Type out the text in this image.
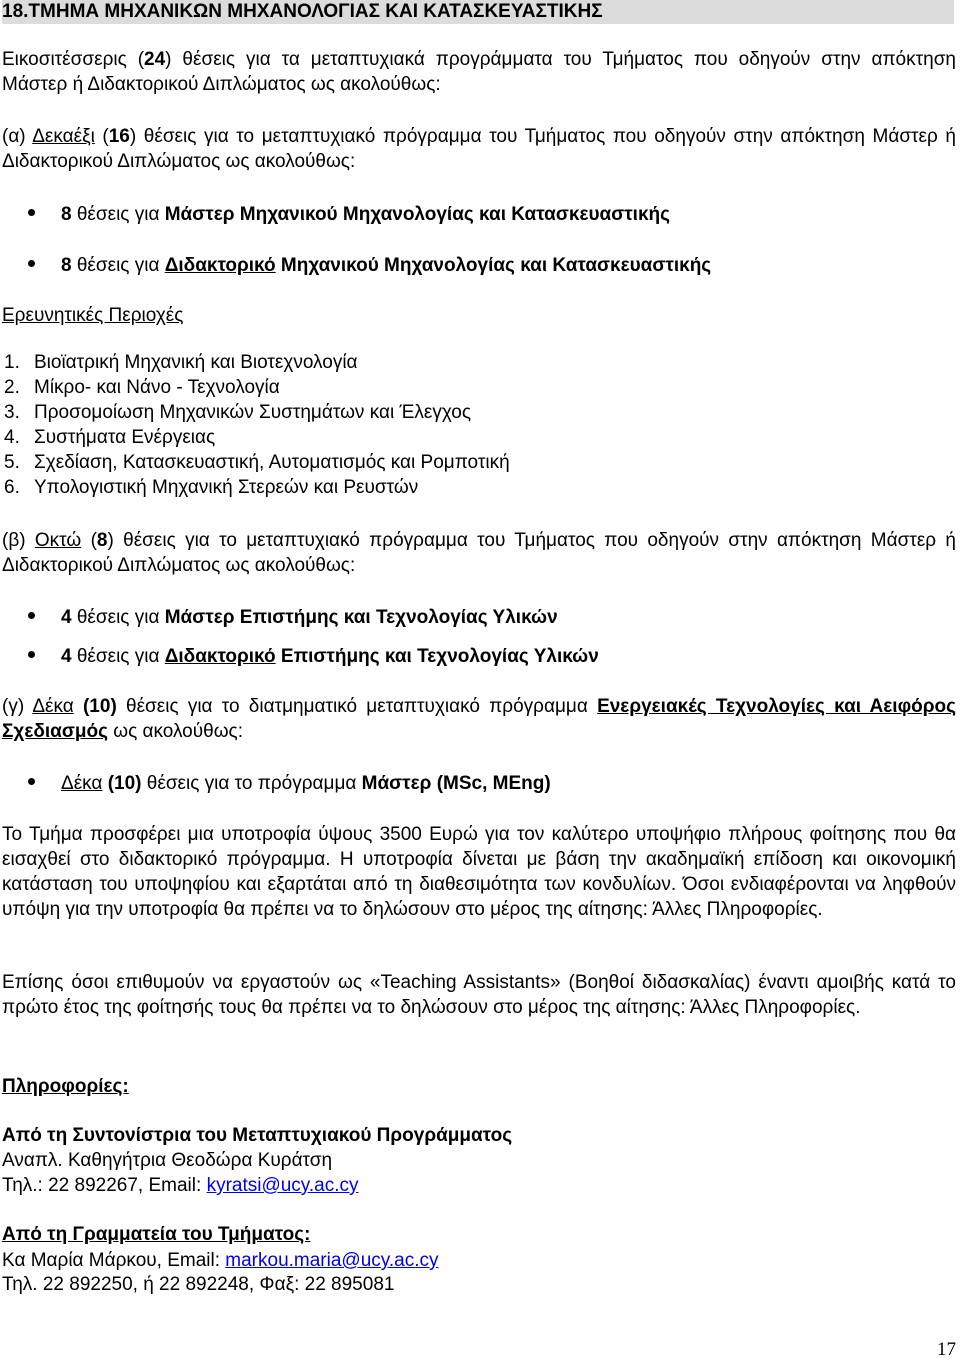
18.ΤΜΗΜΑ ΜΗΧΑΝΙΚΩΝ ΜΗΧΑΝΟΛΟΓΙΑΣ ΚΑΙ ΚΑΤΑΣΚΕΥΑΣΤΙΚΗΣ

Εικοσιτέσσερις (24) θέσεις για τα μεταπτυχιακά προγράμματα του Τμήματος που οδηγούν στην απόκτηση Μάστερ ή Διδακτορικού Διπλώματος ως ακολούθως:

(α) Δεκαέξι (16) θέσεις για το μεταπτυχιακό πρόγραμμα του Τμήματος που οδηγούν στην απόκτηση Μάστερ ή Διδακτορικού Διπλώματος ως ακολούθως:

8 θέσεις για Μάστερ Μηχανικού Μηχανολογίας και Κατασκευαστικής
8 θέσεις για Διδακτορικό Μηχανικού Μηχανολογίας και Κατασκευαστικής

Ερευνητικές Περιοχές

1. Βιοϊατρική Μηχανική και Βιοτεχνολογία
2. Μίκρο- και Νάνο - Τεχνολογία
3. Προσομοίωση Μηχανικών Συστημάτων και Έλεγχος
4. Συστήματα Ενέργειας
5. Σχεδίαση, Κατασκευαστική, Αυτοματισμός και Ρομποτική
6. Υπολογιστική Μηχανική Στερεών και Ρευστών

(β) Οκτώ (8) θέσεις για το μεταπτυχιακό πρόγραμμα του Τμήματος που οδηγούν στην απόκτηση Μάστερ ή Διδακτορικού Διπλώματος ως ακολούθως:

4 θέσεις για Μάστερ Επιστήμης και Τεχνολογίας Υλικών
4 θέσεις για Διδακτορικό Επιστήμης και Τεχνολογίας Υλικών

(γ) Δέκα (10) θέσεις για το διατμηματικό μεταπτυχιακό πρόγραμμα Ενεργειακές Τεχνολογίες και Αειφόρος Σχεδιασμός ως ακολούθως:

Δέκα (10) θέσεις για το πρόγραμμα Μάστερ (MSc, MEng)

Το Τμήμα προσφέρει μια υποτροφία ύψους 3500 Ευρώ για τον καλύτερο υποψήφιο πλήρους φοίτησης που θα εισαχθεί στο διδακτορικό πρόγραμμα. Η υποτροφία δίνεται με βάση την ακαδημαϊκή επίδοση και οικονομική κατάσταση του υποψηφίου και εξαρτάται από τη διαθεσιμότητα των κονδυλίων. Όσοι ενδιαφέρονται να ληφθούν υπόψη για την υποτροφία θα πρέπει να το δηλώσουν στο μέρος της αίτησης: Άλλες Πληροφορίες.

Επίσης όσοι επιθυμούν να εργαστούν ως «Teaching Assistants» (Βοηθοί διδασκαλίας) έναντι αμοιβής κατά το πρώτο έτος της φοίτησής τους θα πρέπει να το δηλώσουν στο μέρος της αίτησης: Άλλες Πληροφορίες.

Πληροφορίες:

Από τη Συντονίστρια του Μεταπτυχιακού Προγράμματος

Αναπλ. Καθηγήτρια Θεοδώρα Κυράτση

Τηλ.: 22 892267, Email: kyratsi@ucy.ac.cy

Από τη Γραμματεία του Τμήματος:

Κα Μαρία Μάρκου, Email: markou.maria@ucy.ac.cy

Τηλ. 22 892250, ή 22 892248, Φαξ: 22 895081

17
